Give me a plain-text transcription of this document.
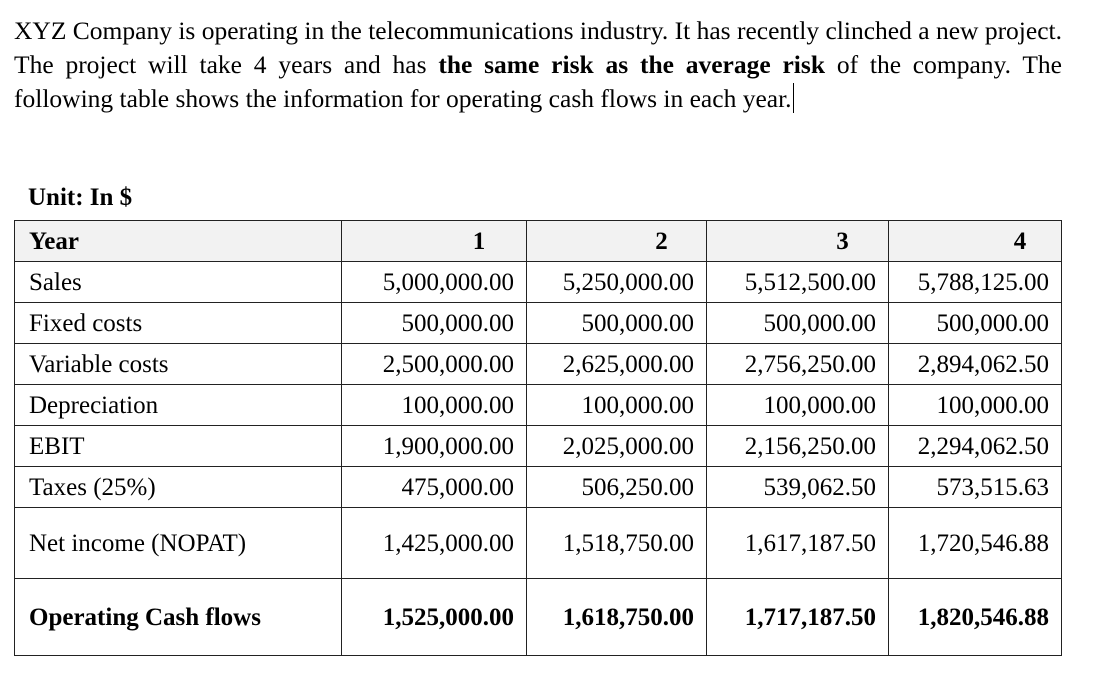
XYZ Company is operating in the telecommunications industry. It has recently clinched a new project. The project will take 4 years and has the same risk as the average risk of the company. The following table shows the information for operating cash flows in each year.

Unit: In $

Year	1	2	3	4
Sales	5,000,000.00	5,250,000.00	5,512,500.00	5,788,125.00
Fixed costs	500,000.00	500,000.00	500,000.00	500,000.00
Variable costs	2,500,000.00	2,625,000.00	2,756,250.00	2,894,062.50
Depreciation	100,000.00	100,000.00	100,000.00	100,000.00
EBIT	1,900,000.00	2,025,000.00	2,156,250.00	2,294,062.50
Taxes (25%)	475,000.00	506,250.00	539,062.50	573,515.63
Net income (NOPAT)	1,425,000.00	1,518,750.00	1,617,187.50	1,720,546.88
Operating Cash flows	1,525,000.00	1,618,750.00	1,717,187.50	1,820,546.88
